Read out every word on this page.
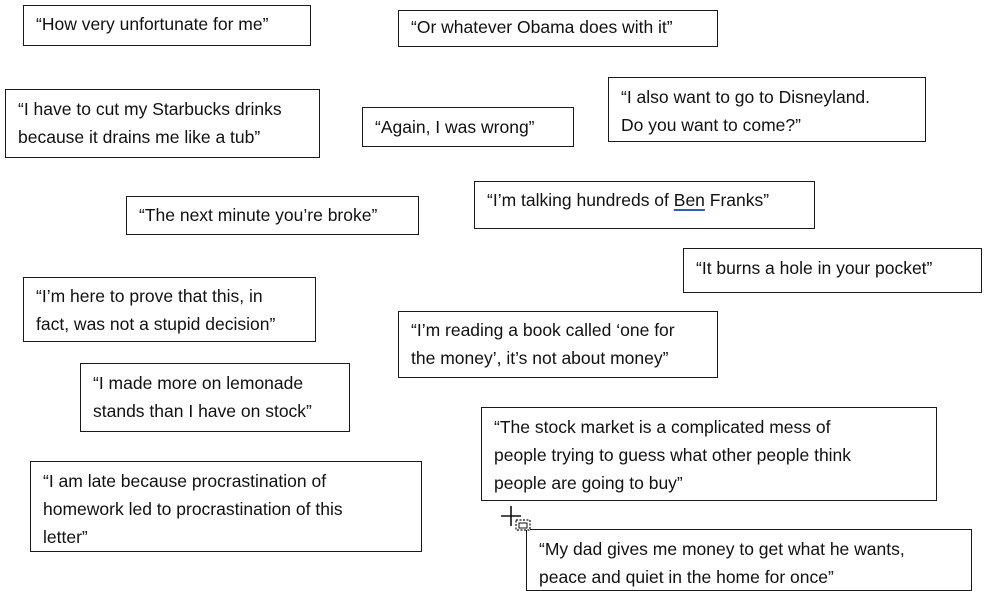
“How very unfortunate for me”	“Or whatever Obama does with it”
“I have to cut my Starbucks drinks
because it drains me like a tub”	“Again, I was wrong”
“I also want to go to Disneyland.
Do you want to come?”
“The next minute you’re broke”
“I’m talking hundreds of Ben Franks”
“It burns a hole in your pocket”
“I’m here to prove that this, in
fact, was not a stupid decision”	“I’m reading a book called ‘one for
the money’, it’s not about money”
“I made more on lemonade
stands than I have on stock”
“The stock market is a complicated mess of
people trying to guess what other people think
people are going to buy”
“I am late because procrastination of
homework led to procrastination of this
letter”
“My dad gives me money to get what he wants,
peace and quiet in the home for once”
